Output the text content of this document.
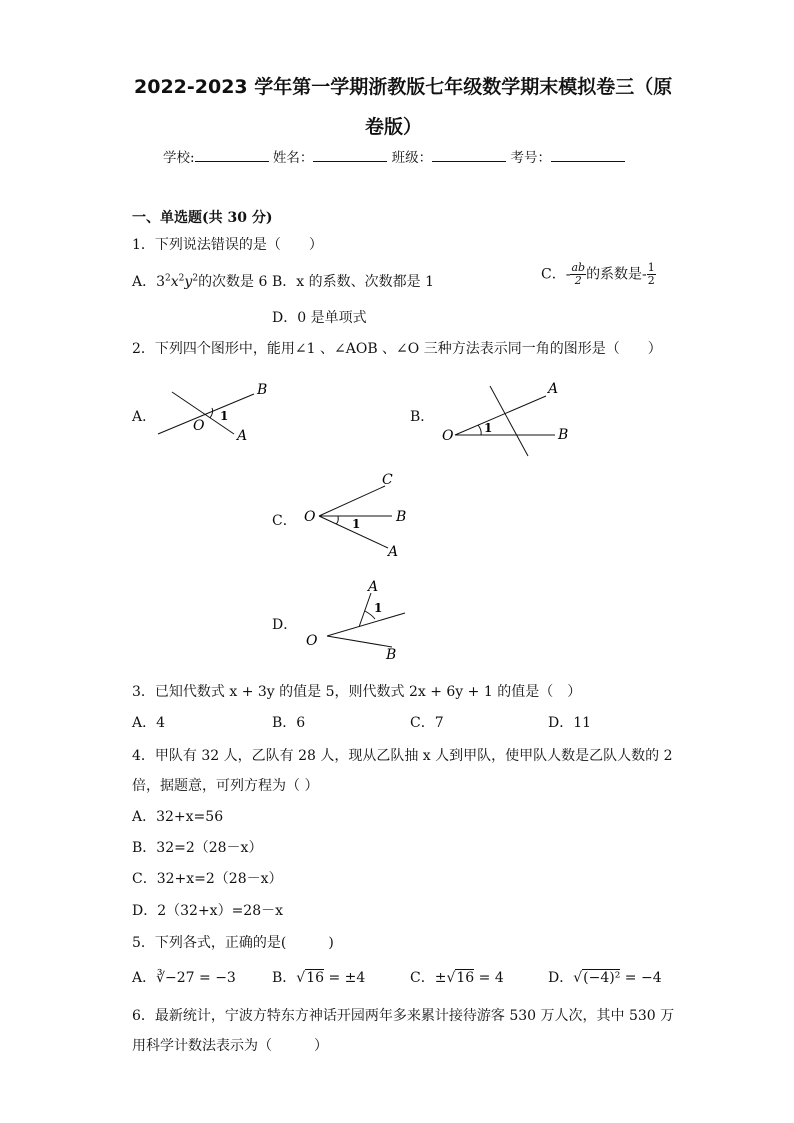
2022-2023 学年第一学期浙教版七年级数学期末模拟卷三（原
卷版）
学校:	姓名：	班级：	考号：
一、单选题(共 30 分)
1．下列说法错误的是（　　）
A．$3^2x^2y^2$的次数是 6 B．x 的系数、次数都是 1	C．- $\frac{ab}{2}$ 的系数是- $\frac{1}{2}$
D．0 是单项式
2．下列四个图形中，能用∠1 、∠AOB 、∠O 三种方法表示同一角的图形是（　　）
A．
B
O
1
A
B．
A
O	1	B
C．
C
O	1	B
A
D．
A
O
1
B
3．已知代数式 x + 3y 的值是 5，则代数式 2x + 6y + 1 的值是（　）
A．4	B．6	C．7	D．11
4．甲队有 32 人，乙队有 28 人，现从乙队抽 x 人到甲队，使甲队人数是乙队人数的 2
倍，据题意，可列方程为（ ）
A．32+x=56
B．32=2（28－x）
C．32+x=2（28－x）
D．2（32+x）=28－x
5．下列各式，正确的是(　　　)
A．∛−27 = −3	B．√16 = ±4	C．±√16 = 4	D．√(−4)² = −4
6．最新统计，宁波方特东方神话开园两年多来累计接待游客 530 万人次，其中 530 万
用科学计数法表示为（　　　）
